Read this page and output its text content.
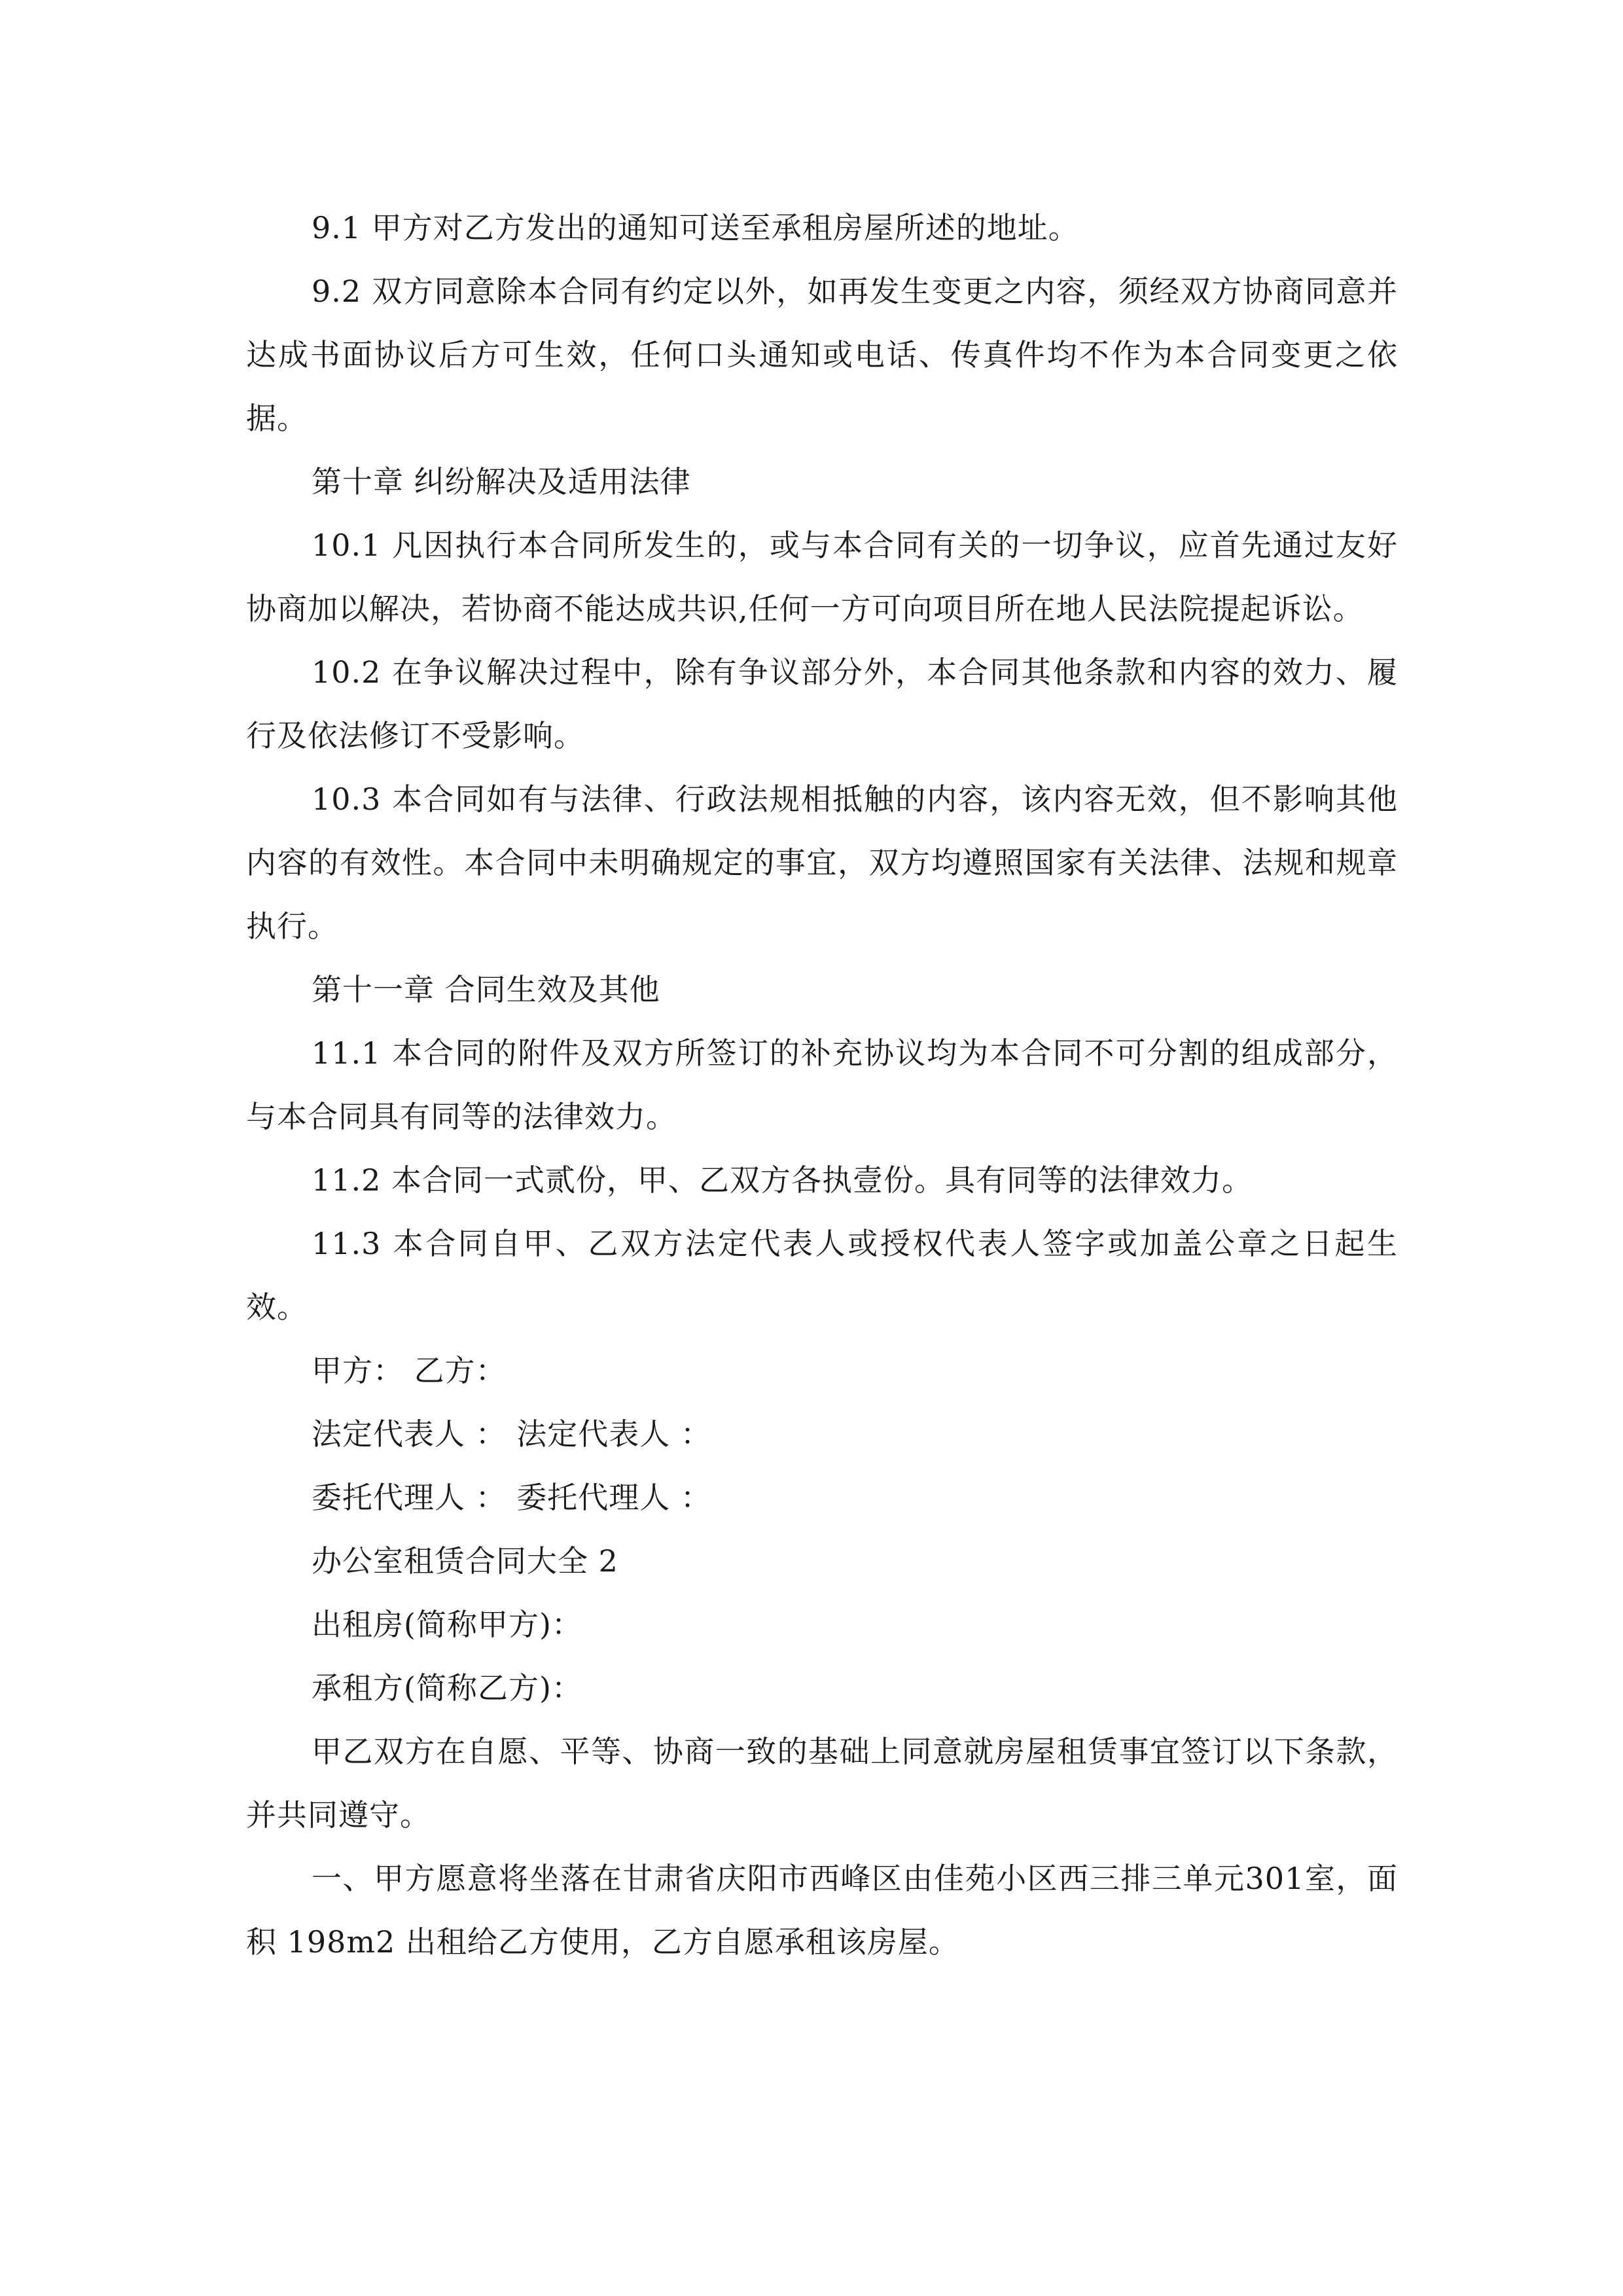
9.1 甲方对乙方发出的通知可送至承租房屋所述的地址。

9.2 双方同意除本合同有约定以外，如再发生变更之内容，须经双方协商同意并达成书面协议后方可生效，任何口头通知或电话、传真件均不作为本合同变更之依据。

第十章 纠纷解决及适用法律

10.1 凡因执行本合同所发生的，或与本合同有关的一切争议，应首先通过友好协商加以解决，若协商不能达成共识,任何一方可向项目所在地人民法院提起诉讼。

10.2 在争议解决过程中，除有争议部分外，本合同其他条款和内容的效力、履行及依法修订不受影响。

10.3 本合同如有与法律、行政法规相抵触的内容，该内容无效，但不影响其他内容的有效性。本合同中未明确规定的事宜，双方均遵照国家有关法律、法规和规章执行。

第十一章 合同生效及其他

11.1 本合同的附件及双方所签订的补充协议均为本合同不可分割的组成部分，与本合同具有同等的法律效力。

11.2 本合同一式贰份，甲、乙双方各执壹份。具有同等的法律效力。

11.3 本合同自甲、乙双方法定代表人或授权代表人签字或加盖公章之日起生效。

甲方： 乙方：

法定代表人 ： 法定代表人 ：

委托代理人 ： 委托代理人 ：

办公室租赁合同大全 2

出租房(简称甲方)：

承租方(简称乙方)：

甲乙双方在自愿、平等、协商一致的基础上同意就房屋租赁事宜签订以下条款，并共同遵守。

一、甲方愿意将坐落在甘肃省庆阳市西峰区由佳苑小区西三排三单元301室，面积 198m2 出租给乙方使用，乙方自愿承租该房屋。
